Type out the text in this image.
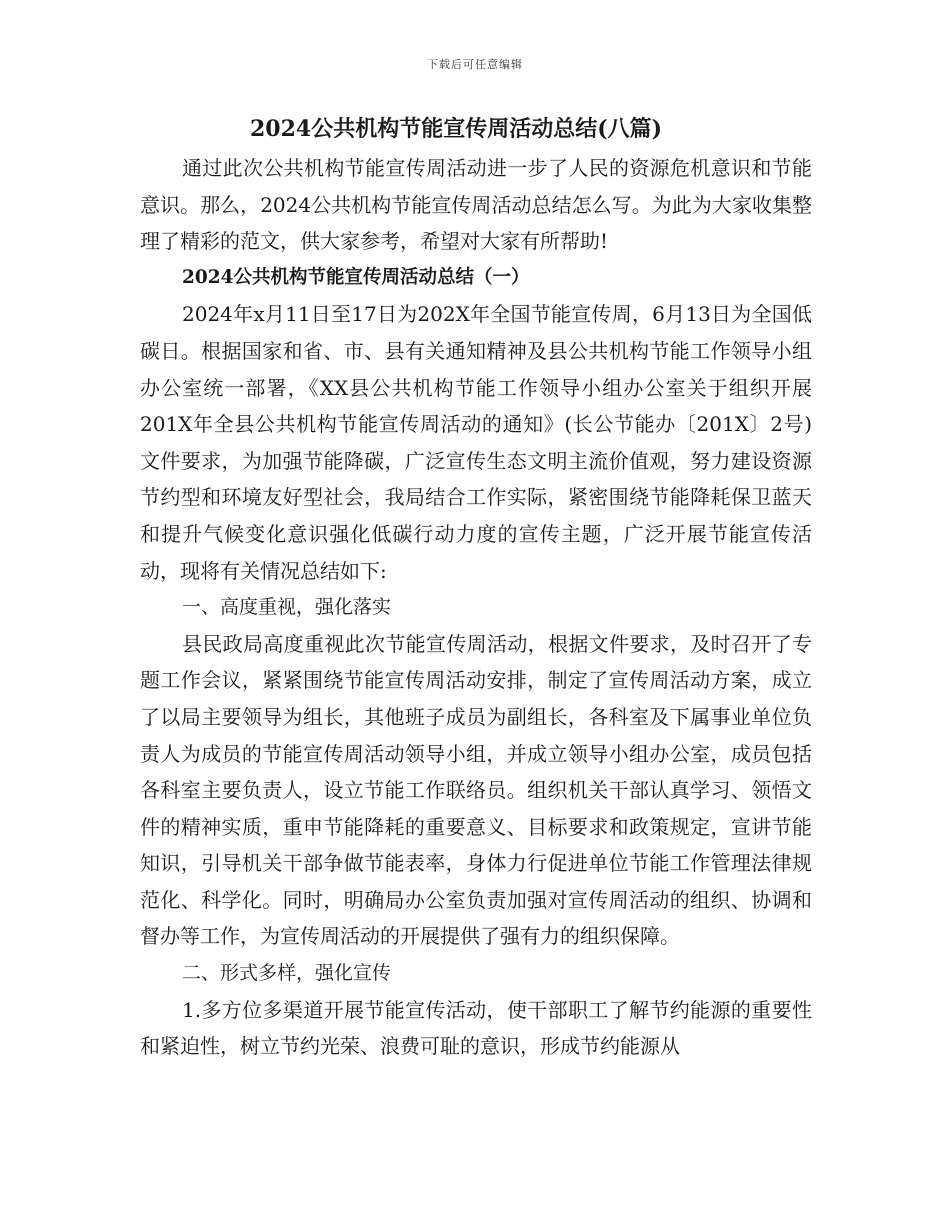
下载后可任意编辑
2024公共机构节能宣传周活动总结(八篇)

通过此次公共机构节能宣传周活动进一步了人民的资源危机意识和节能意识。那么，2024公共机构节能宣传周活动总结怎么写。为此为大家收集整理了精彩的范文，供大家参考，希望对大家有所帮助!

2024公共机构节能宣传周活动总结（一）

2024年x月11日至17日为202X年全国节能宣传周，6月13日为全国低碳日。根据国家和省、市、县有关通知精神及县公共机构节能工作领导小组办公室统一部署，《XX县公共机构节能工作领导小组办公室关于组织开展201X年全县公共机构节能宣传周活动的通知》(长公节能办〔201X〕2号)文件要求，为加强节能降碳，广泛宣传生态文明主流价值观，努力建设资源节约型和环境友好型社会，我局结合工作实际，紧密围绕节能降耗保卫蓝天和提升气候变化意识强化低碳行动力度的宣传主题，广泛开展节能宣传活动，现将有关情况总结如下:

一、高度重视，强化落实

县民政局高度重视此次节能宣传周活动，根据文件要求，及时召开了专题工作会议，紧紧围绕节能宣传周活动安排，制定了宣传周活动方案，成立了以局主要领导为组长，其他班子成员为副组长，各科室及下属事业单位负责人为成员的节能宣传周活动领导小组，并成立领导小组办公室，成员包括各科室主要负责人，设立节能工作联络员。组织机关干部认真学习、领悟文件的精神实质，重申节能降耗的重要意义、目标要求和政策规定，宣讲节能知识，引导机关干部争做节能表率，身体力行促进单位节能工作管理法律规范化、科学化。同时，明确局办公室负责加强对宣传周活动的组织、协调和督办等工作，为宣传周活动的开展提供了强有力的组织保障。

二、形式多样，强化宣传

1.多方位多渠道开展节能宣传活动，使干部职工了解节约能源的重要性和紧迫性，树立节约光荣、浪费可耻的意识，形成节约能源从
